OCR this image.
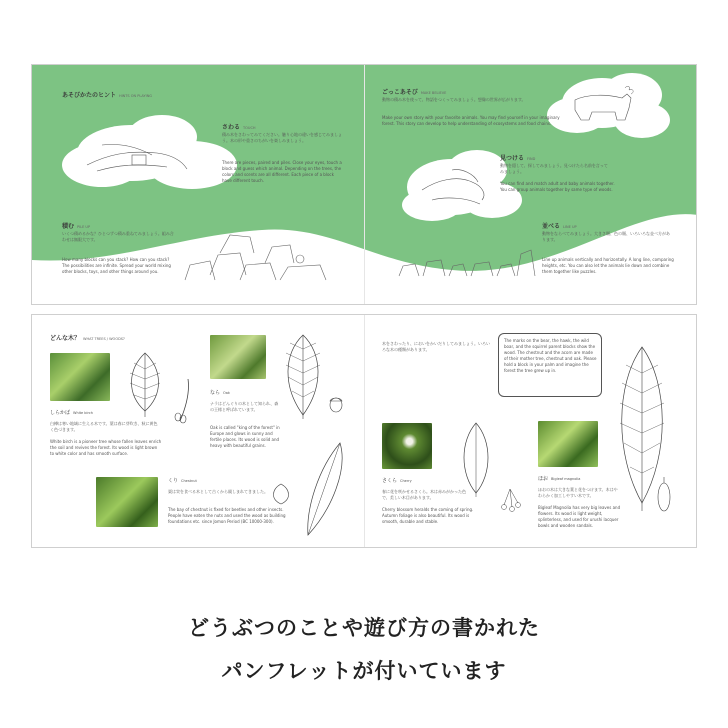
あそびかたのヒント HINTS ON PLAYING
さわる TOUCH
積み木をさわってみてください。触り心地の違いを感じてみましょう。木の形や重さのちがいを楽しみましょう。
There are pieces, paired and piles. Close your eyes, touch a block and guess which animal. Depending on the trees, the colors and scents are all different. Each piece of a block have different touch.
ごっこあそび MAKE BELIEVE
動物の積み木を使って、物語をつくってみましょう。想像の世界が広がります。
Make your own story with your favorite animals. You may find yourself in your imaginary forest. This story can develop to help understanding of ecosystems and food chains.
見つける FIND
動物を隠して、探してみましょう。見つけたら名前を言ってみましょう。
You can find and match adult and baby animals together. You can group animals together by same type of woods.
積む PILE UP
いくつ積めるかな？ひとつずつ積み重ねてみましょう。組み合わせは無限大です。
How many blocks can you stack? How can you stack? The possibilities are infinite. Spread your world mixing other blocks, toys, and other things around you.
並べる LINE UP
動物をならべてみましょう。大きさ順、色の順、いろいろな並べ方があります。
Line up animals vertically and horizontally. A long line, comparing heights, etc. You can also let the animals lie down and combine them together like puzzles.
どんな木？ WHAT TREES / WOODS?
しらかば White birch
白樺は寒い地域に生える木です。葉は春に芽吹き、秋に黄色く色づきます。
White birch is a pioneer tree whose fallen leaves enrich the soil and revives the forest. Its wood is light brown to white color and has smooth surface.
なら Oak
ナラはどんぐりの木として知られ、森の王様と呼ばれています。
Oak is called "king of the forest" in Europe and glows in sunny and fertile places. Its wood is solid and heavy with beautiful grains.
くり Chestnut
栗は実を食べる木として古くから親しまれてきました。
The bay of chestnut is fixed for beetles and other insects. People have eaten the nuts and used the wood as building foundations etc. since Jomon Period (BC 10000-300).
木をさわったり、においをかいだりしてみましょう。いろいろな木の種類があります。
The marks on the bear, the hawk, the wild boar, and the squirrel parent blocks show the wood. The chestnut and the acorn are made of their mother tree, chestnut and oak. Please hold a block in your palm and imagine the forest the tree grew up in.
さくら Cherry
春に花を咲かせるさくら。木は赤みがかった色で、美しい木目があります。
Cherry blossom heralds the coming of spring. Autumn foliage is also beautiful. Its wood is smooth, durable and stable.
ほお Bigleaf magnolia
ほおの木は大きな葉と花をつけます。木はやわらかく加工しやすい木です。
Bigleaf Magnolia has very big leaves and flowers. Its wood is light weight, splinterless, and used for urushi lacquer bowls and wooden sandals.
どうぶつのことや遊び方の書かれた
パンフレットが付いています
